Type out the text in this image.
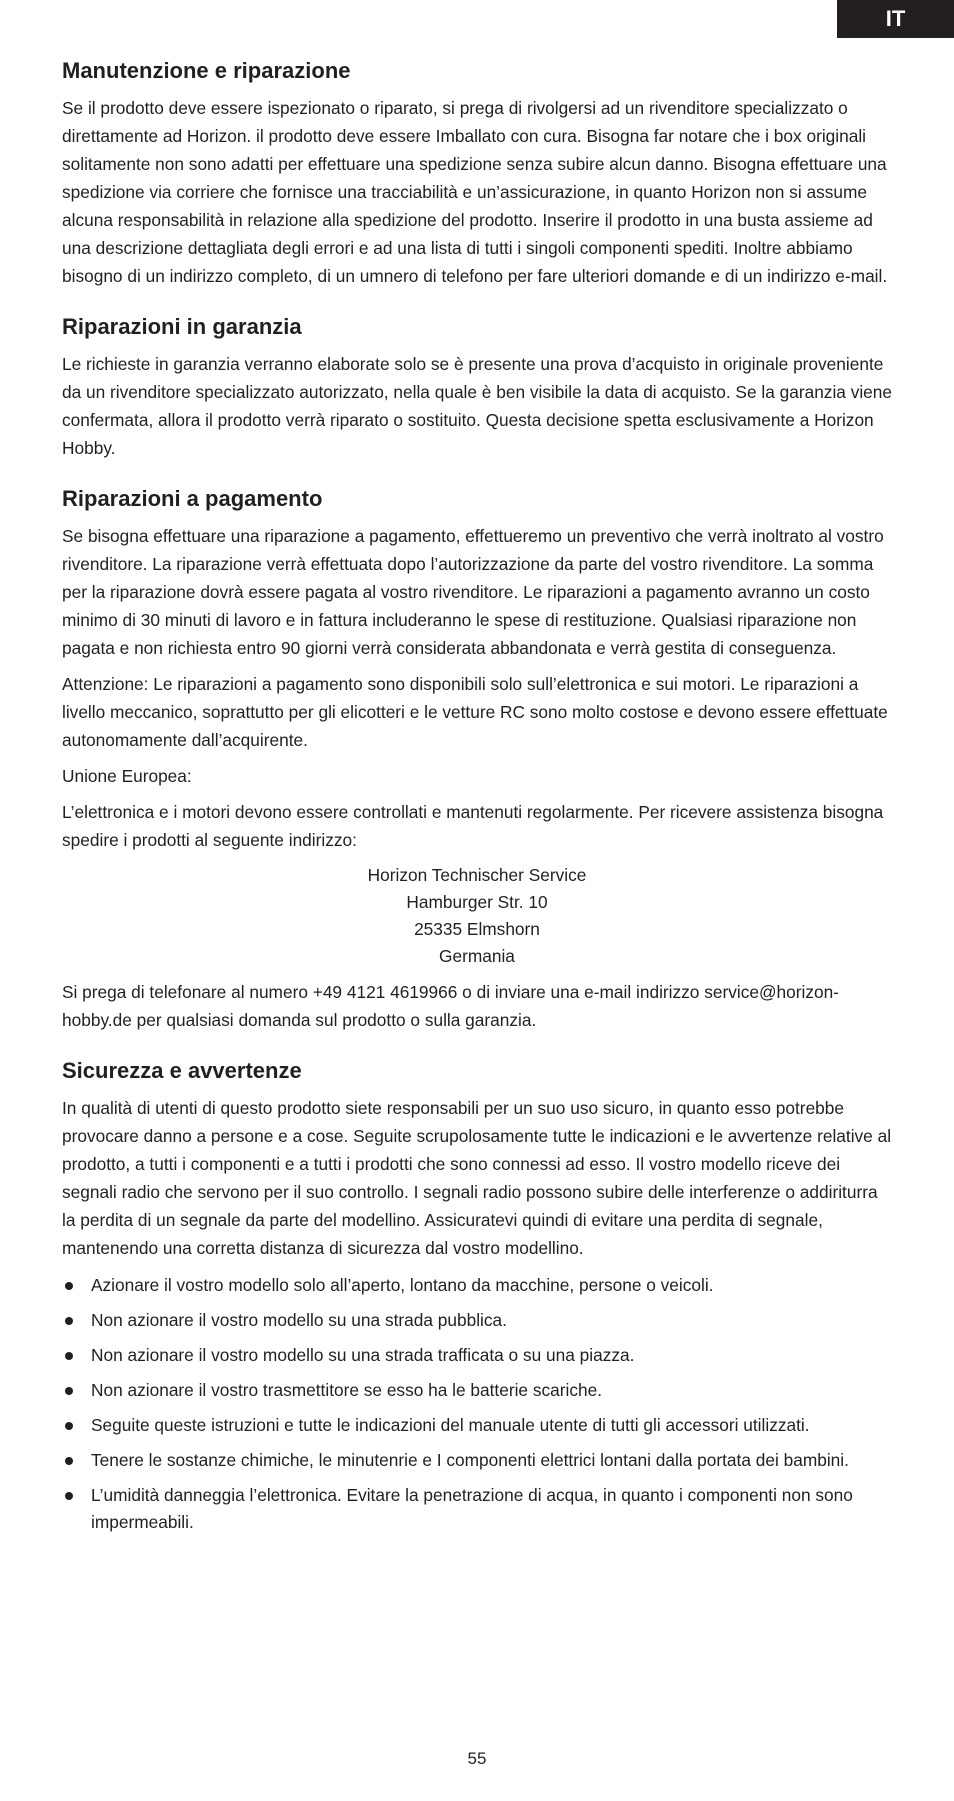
IT
Manutenzione e riparazione

Se il prodotto deve essere ispezionato o riparato, si prega di rivolgersi ad un rivenditore specializzato o direttamente ad Horizon. il prodotto deve essere Imballato con cura. Bisogna far notare che i box originali solitamente non sono adatti per effettuare una spedizione senza subire alcun danno. Bisogna effettuare una spedizione via corriere che fornisce una tracciabilità e un’assicurazione, in quanto Horizon non si assume alcuna responsabilità in relazione alla spedizione del prodotto. Inserire il prodotto in una busta assieme ad una descrizione dettagliata degli errori e ad una lista di tutti i singoli componenti spediti. Inoltre abbiamo bisogno di un indirizzo completo, di un umnero di telefono per fare ulteriori domande e di un indirizzo e-mail.

Riparazioni in garanzia

Le richieste in garanzia verranno elaborate solo se è presente una prova d’acquisto in originale proveniente da un rivenditore specializzato autorizzato, nella quale è ben visibile la data di acquisto. Se la garanzia viene confermata, allora il prodotto verrà riparato o sostituito. Questa decisione spetta esclusivamente a Horizon Hobby.

Riparazioni a pagamento

Se bisogna effettuare una riparazione a pagamento, effettueremo un preventivo che verrà inoltrato al vostro rivenditore. La riparazione verrà effettuata dopo l’autorizzazione da parte del vostro rivenditore. La somma per la riparazione dovrà essere pagata al vostro rivenditore. Le riparazioni a pagamento avranno un costo minimo di 30 minuti di lavoro e in fattura includeranno le spese di restituzione. Qualsiasi riparazione non pagata e non richiesta entro 90 giorni verrà considerata abbandonata e verrà gestita di conseguenza.

Attenzione: Le riparazioni a pagamento sono disponibili solo sull’elettronica e sui motori. Le riparazioni a livello meccanico, soprattutto per gli elicotteri e le vetture RC sono molto costose e devono essere effettuate autonomamente dall’acquirente.

Unione Europea:

L’elettronica e i motori devono essere controllati e mantenuti regolarmente. Per ricevere assistenza bisogna spedire i prodotti al seguente indirizzo:

Horizon Technischer Service
Hamburger Str. 10
25335 Elmshorn
Germania

Si prega di telefonare al numero +49 4121 4619966 o di inviare una e-mail indirizzo service@horizon-hobby.de per qualsiasi domanda sul prodotto o sulla garanzia.

Sicurezza e avvertenze

In qualità di utenti di questo prodotto siete responsabili per un suo uso sicuro, in quanto esso potrebbe provocare danno a persone e a cose. Seguite scrupolosamente tutte le indicazioni e le avvertenze relative al prodotto, a tutti i componenti e a tutti i prodotti che sono connessi ad esso. Il vostro modello riceve dei segnali radio che servono per il suo controllo. I segnali radio possono subire delle interferenze o addiriturra la perdita di un segnale da parte del modellino. Assicuratevi quindi di evitare una perdita di segnale, mantenendo una corretta distanza di sicurezza dal vostro modellino.

Azionare il vostro modello solo all’aperto, lontano da macchine, persone o veicoli.
Non azionare il vostro modello su una strada pubblica.
Non azionare il vostro modello su una strada trafficata o su una piazza.
Non azionare il vostro trasmettitore se esso ha le batterie scariche.
Seguite queste istruzioni e tutte le indicazioni del manuale utente di tutti gli accessori utilizzati.
Tenere le sostanze chimiche, le minutenrie e I componenti elettrici lontani dalla portata dei bambini.
L’umidità danneggia l’elettronica. Evitare la penetrazione di acqua, in quanto i componenti non sono impermeabili.
55
